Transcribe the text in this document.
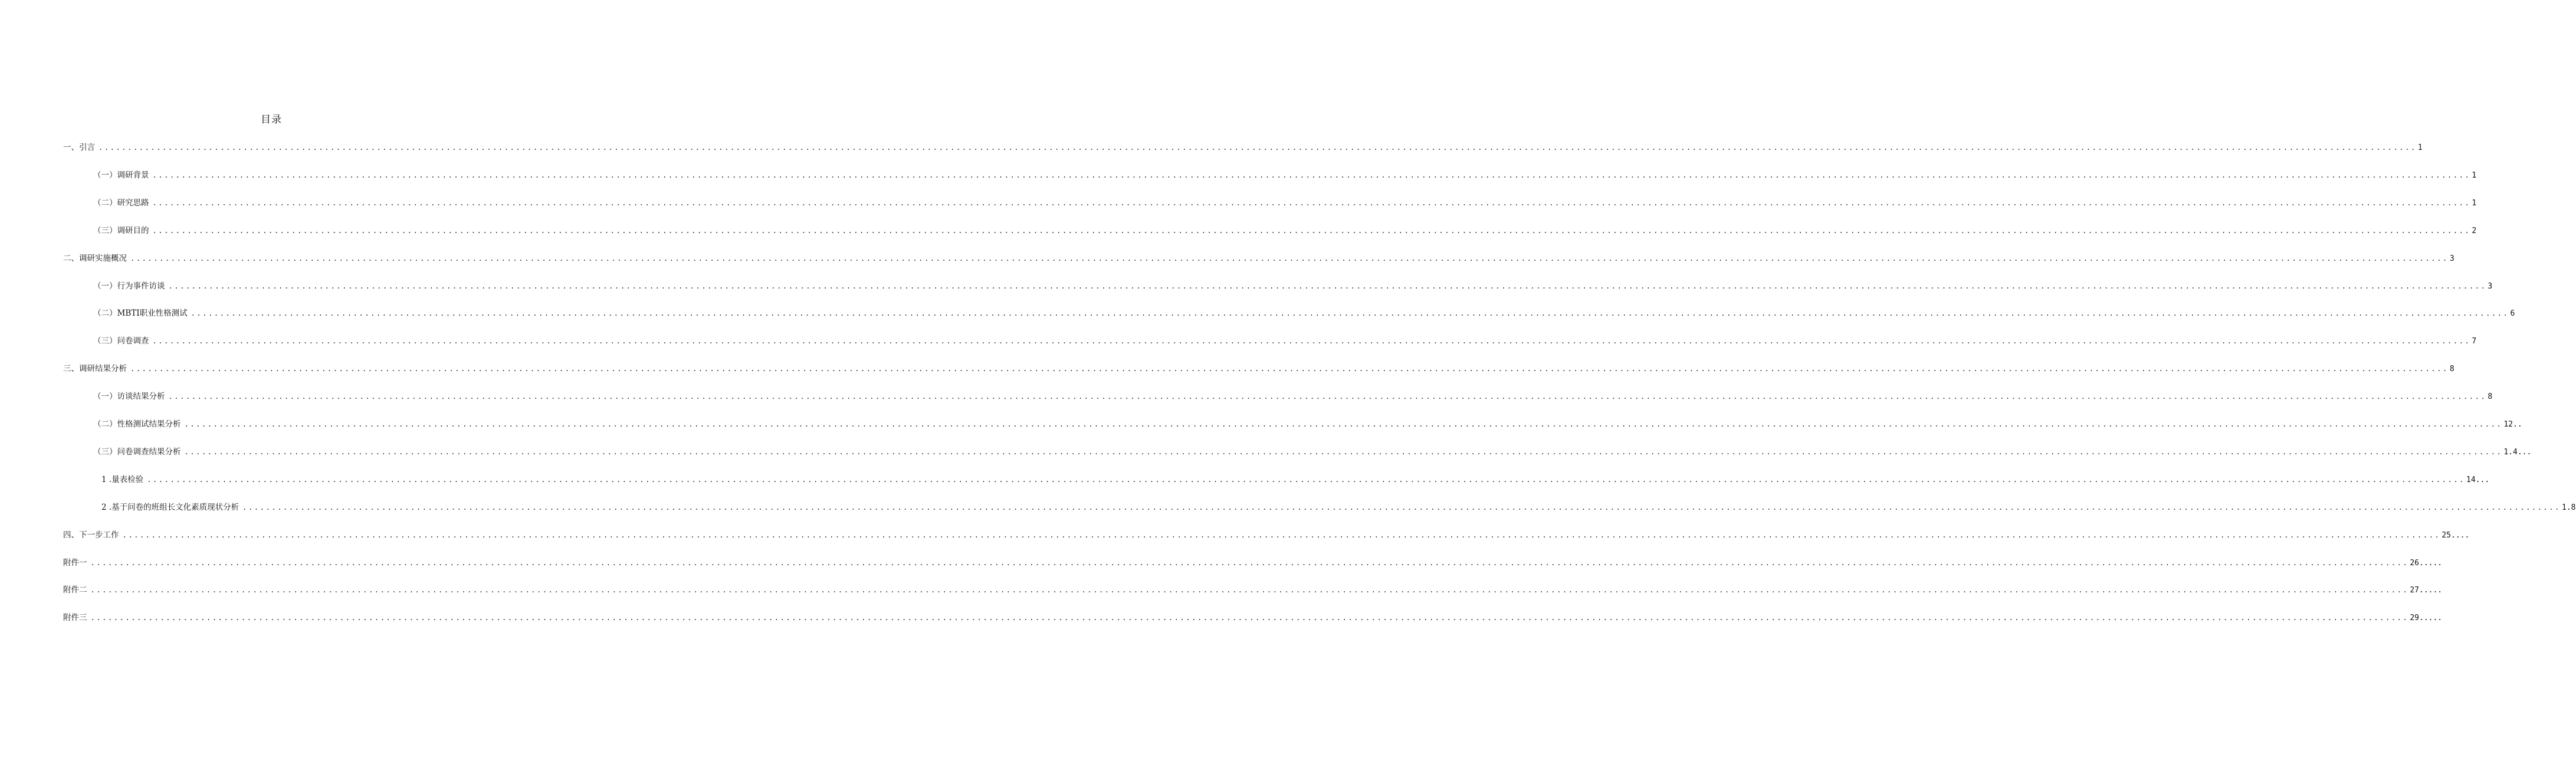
目录
一、引言 ................................................................................................................................................................................................................................................................................................................................................................................................................ 1
（一）调研背景 ................................................................................................................................................................................................................................................................................................................................................................................................................ 1
（二）研究思路 ................................................................................................................................................................................................................................................................................................................................................................................................................ 1
（三）调研目的 ................................................................................................................................................................................................................................................................................................................................................................................................................ 2
二、调研实施概况 ................................................................................................................................................................................................................................................................................................................................................................................................................ 3
（一）行为事件访谈 ................................................................................................................................................................................................................................................................................................................................................................................................................ 3
（二）MBTI职业性格测试 ................................................................................................................................................................................................................................................................................................................................................................................................................ 6
（三）问卷调查 ................................................................................................................................................................................................................................................................................................................................................................................................................ 7
三、调研结果分析 ................................................................................................................................................................................................................................................................................................................................................................................................................ 8
（一）访谈结果分析 ................................................................................................................................................................................................................................................................................................................................................................................................................ 8
（二）性格测试结果分析 ................................................................................................................................................................................................................................................................................................................................................................................................................ 12..
（三）问卷调查结果分析 ................................................................................................................................................................................................................................................................................................................................................................................................................ 1.4...
1 .量表检验 ................................................................................................................................................................................................................................................................................................................................................................................................................ 14...
2 .基于问卷的班组长文化素质现状分析 ................................................................................................................................................................................................................................................................................................................................................................................................................ 1.8
四、下一步工作 ................................................................................................................................................................................................................................................................................................................................................................................................................ 25....
附件一 ................................................................................................................................................................................................................................................................................................................................................................................................................ 26.....
附件二 ................................................................................................................................................................................................................................................................................................................................................................................................................ 27.....
附件三 ................................................................................................................................................................................................................................................................................................................................................................................................................ 29.....
